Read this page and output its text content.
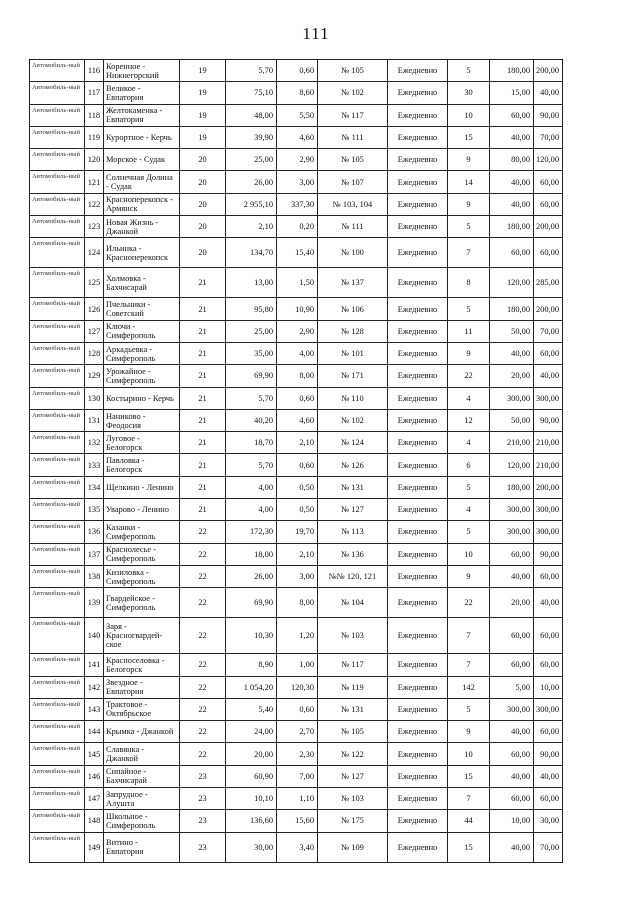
111
Автомобиль-ный	116	Коренное - Нижнегорский	19	5,70	0,60	№ 105	Ежедневно	5	180,00	200,00
Автомобиль-ный	117	Великое - Евпатория	19	75,10	8,60	№ 102	Ежедневно	30	15,00	40,00
Автомобиль-ный	118	Желтокаменка - Евпатория	19	48,00	5,50	№ 117	Ежедневно	10	60,00	90,00
Автомобиль-ный	119	Курортное - Керчь	19	39,90	4,60	№ 111	Ежедневно	15	40,00	70,00
Автомобиль-ный	120	Морское - Судак	20	25,00	2,90	№ 105	Ежедневно	9	80,00	120,00
Автомобиль-ный	121	Солнечная Долина - Судак	20	26,00	3,00	№ 107	Ежедневно	14	40,00	60,00
Автомобиль-ный	122	Красноперекопск - Армянск	20	2 955,10	337,30	№ 103, 104	Ежедневно	9	40,00	60,00
Автомобиль-ный	123	Новая Жизнь - Джанкой	20	2,10	0,20	№ 111	Ежедневно	5	180,00	200,00
Автомобиль-ный	124	Ильинка - Красноперекопск	20	134,70	15,40	№ 100	Ежедневно	7	60,00	60,00
Автомобиль-ный	125	Холмовка - Бахчисарай	21	13,00	1,50	№ 137	Ежедневно	8	120,00	285,00
Автомобиль-ный	126	Пчельники - Советский	21	95,80	10,90	№ 106	Ежедневно	5	180,00	200,00
Автомобиль-ный	127	Ключи - Симферополь	21	25,00	2,90	№ 128	Ежедневно	11	50,00	70,00
Автомобиль-ный	128	Аркадьевка - Симферополь	21	35,00	4,00	№ 101	Ежедневно	9	40,00	60,00
Автомобиль-ный	129	Урожайное - Симферополь	21	69,90	8,00	№ 171	Ежедневно	22	20,00	40,00
Автомобиль-ный	130	Костырино - Керчь	21	5,70	0,60	№ 110	Ежедневно	4	300,00	300,00
Автомобиль-ный	131	Наниково - Феодосия	21	40,20	4,60	№ 102	Ежедневно	12	50,00	90,00
Автомобиль-ный	132	Луговое - Белогорск	21	18,70	2,10	№ 124	Ежедневно	4	210,00	210,00
Автомобиль-ный	133	Павловка - Белогорск	21	5,70	0,60	№ 126	Ежедневно	6	120,00	210,00
Автомобиль-ный	134	Щелкино - Ленино	21	4,00	0,50	№ 131	Ежедневно	5	180,00	200,00
Автомобиль-ный	135	Уварово - Ленино	21	4,00	0,50	№ 127	Ежедневно	4	300,00	300,00
Автомобиль-ный	136	Казанки - Симферополь	22	172,30	19,70	№ 113	Ежедневно	5	300,00	300,00
Автомобиль-ный	137	Краснолесье - Симферополь	22	18,00	2,10	№ 136	Ежедневно	10	60,00	90,00
Автомобиль-ный	138	Кизиловка - Симферополь	22	26,00	3,00	№№ 120, 121	Ежедневно	9	40,00	60,00
Автомобиль-ный	139	Гвардейское - Симферополь	22	69,90	8,00	№ 104	Ежедневно	22	20,00	40,00
Автомобиль-ный	140	Заря - Красногвардей-ское	22	10,30	1,20	№ 103	Ежедневно	7	60,00	60,00
Автомобиль-ный	141	Красноселовка - Белогорск	22	8,90	1,00	№ 117	Ежедневно	7	60,00	60,00
Автомобиль-ный	142	Звездное - Евпатория	22	1 054,20	120,30	№ 119	Ежедневно	142	5,00	10,00
Автомобиль-ный	143	Трактовое - Октябрьское	22	5,40	0,60	№ 131	Ежедневно	5	300,00	300,00
Автомобиль-ный	144	Крымка - Джанкой	22	24,00	2,70	№ 105	Ежедневно	9	40,00	60,00
Автомобиль-ный	145	Славянка - Джанкой	22	20,00	2,30	№ 122	Ежедневно	10	60,00	90,00
Автомобиль-ный	146	Сипайное - Бахчисарай	23	60,90	7,00	№ 127	Ежедневно	15	40,00	40,00
Автомобиль-ный	147	Запрудное - Алушта	23	10,10	1,10	№ 103	Ежедневно	7	60,00	60,00
Автомобиль-ный	148	Школьное - Симферополь	23	136,60	15,60	№ 175	Ежедневно	44	10,00	30,00
Автомобиль-ный	149	Витино - Евпатория	23	30,00	3,40	№ 109	Ежедневно	15	40,00	70,00
